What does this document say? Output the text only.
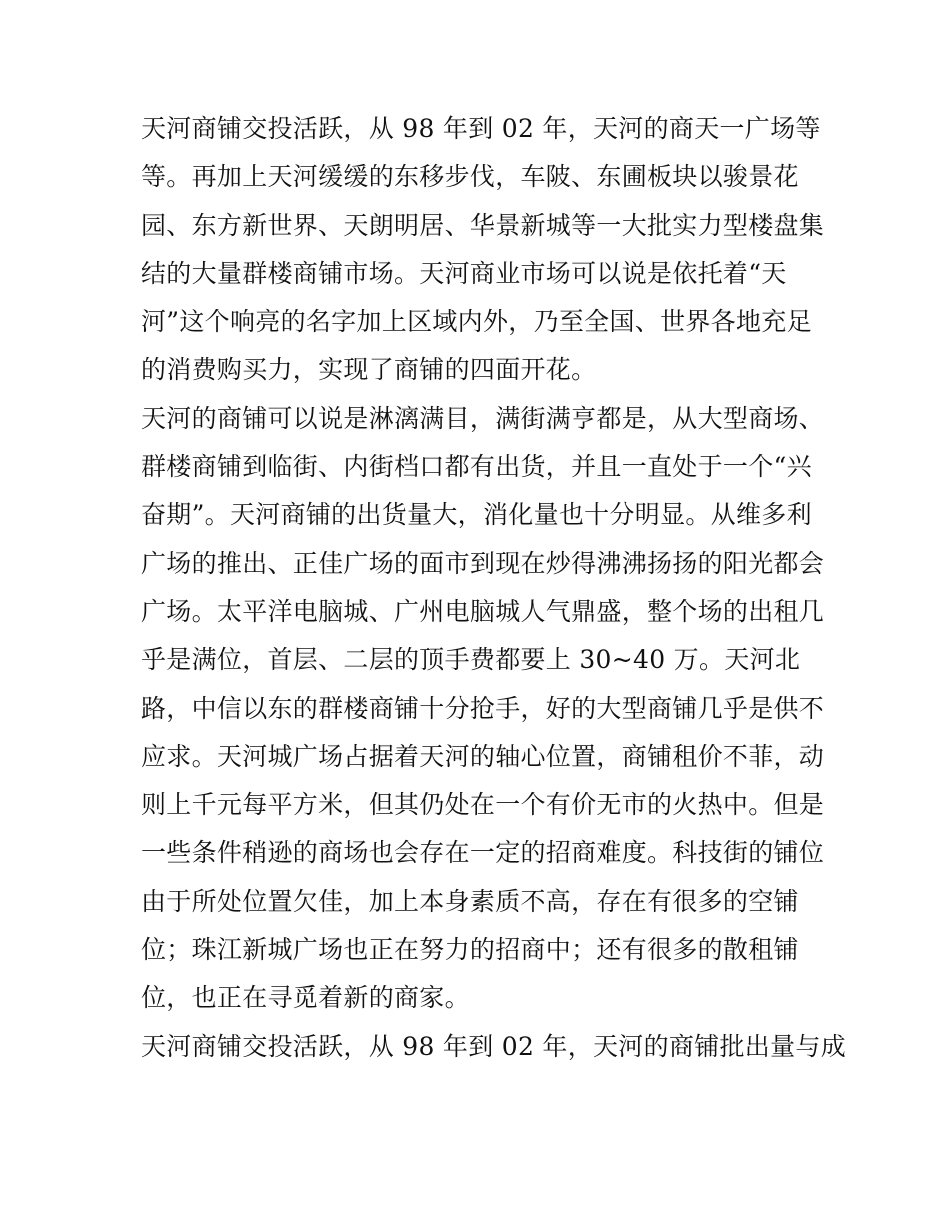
天河商铺交投活跃，从 98 年到 02 年，天河的商天一广场等
等。再加上天河缓缓的东移步伐，车陂、东圃板块以骏景花
园、东方新世界、天朗明居、华景新城等一大批实力型楼盘集
结的大量群楼商铺市场。天河商业市场可以说是依托着“天
河”这个响亮的名字加上区域内外，乃至全国、世界各地充足
的消费购买力，实现了商铺的四面开花。
天河的商铺可以说是淋漓满目，满街满亨都是，从大型商场、
群楼商铺到临街、内街档口都有出货，并且一直处于一个“兴
奋期”。天河商铺的出货量大，消化量也十分明显。从维多利
广场的推出、正佳广场的面市到现在炒得沸沸扬扬的阳光都会
广场。太平洋电脑城、广州电脑城人气鼎盛，整个场的出租几
乎是满位，首层、二层的顶手费都要上 30~40 万。天河北
路，中信以东的群楼商铺十分抢手，好的大型商铺几乎是供不
应求。天河城广场占据着天河的轴心位置，商铺租价不菲，动
则上千元每平方米，但其仍处在一个有价无市的火热中。但是
一些条件稍逊的商场也会存在一定的招商难度。科技街的铺位
由于所处位置欠佳，加上本身素质不高，存在有很多的空铺
位；珠江新城广场也正在努力的招商中；还有很多的散租铺
位，也正在寻觅着新的商家。
天河商铺交投活跃，从 98 年到 02 年，天河的商铺批出量与成
